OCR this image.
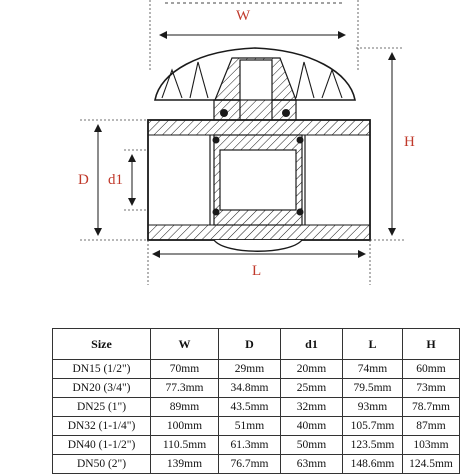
W
D d1
H
L
Size	W	D	d1	L	H
DN15 (1/2")	70mm	29mm	20mm	74mm	60mm
DN20 (3/4")	77.3mm	34.8mm	25mm	79.5mm	73mm
DN25 (1")	89mm	43.5mm	32mm	93mm	78.7mm
DN32 (1-1/4")	100mm	51mm	40mm	105.7mm	87mm
DN40 (1-1/2")	110.5mm	61.3mm	50mm	123.5mm	103mm
DN50 (2")	139mm	76.7mm	63mm	148.6mm	124.5mm
